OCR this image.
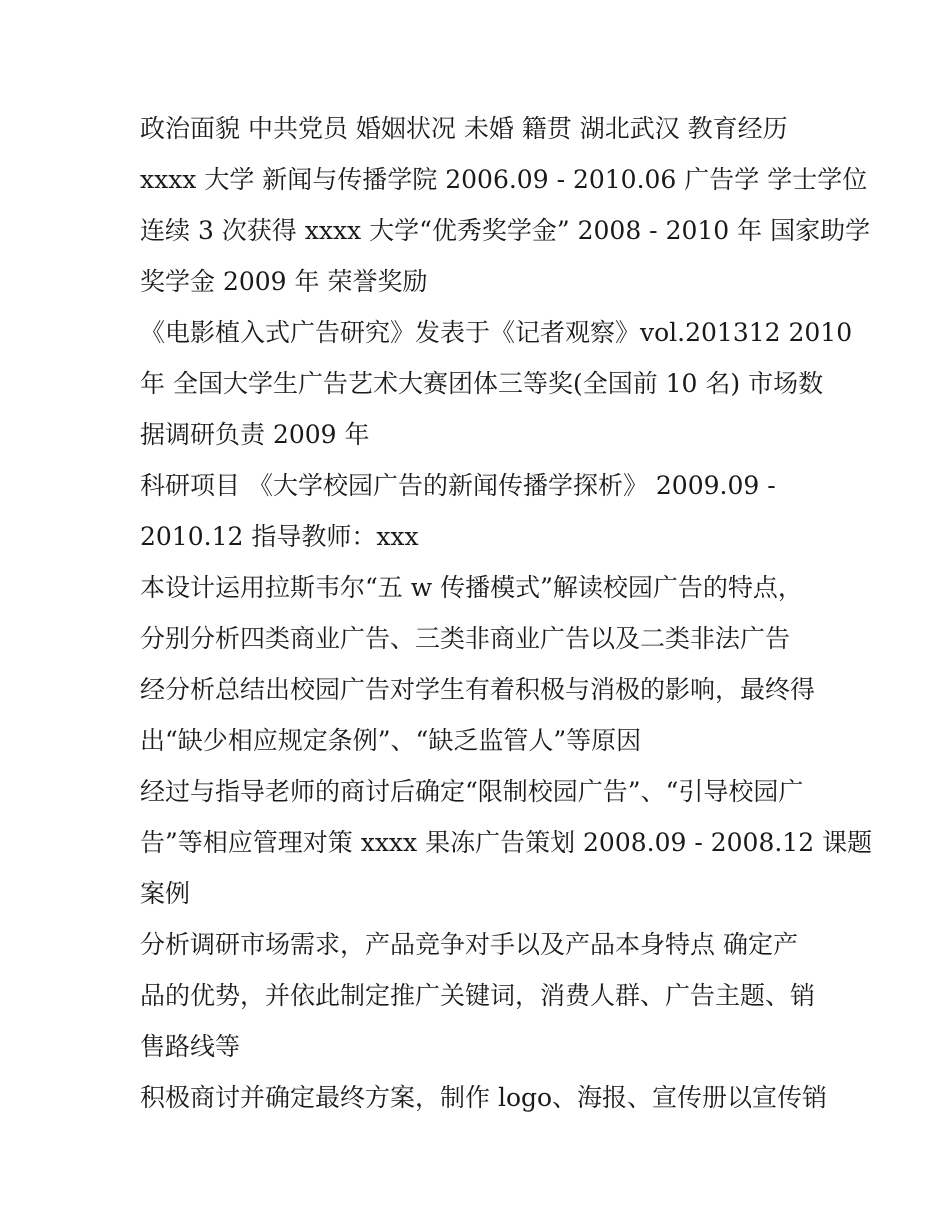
政治面貌 中共党员 婚姻状况 未婚 籍贯 湖北武汉 教育经历
xxxx 大学 新闻与传播学院 2006.09 - 2010.06 广告学 学士学位
连续 3 次获得 xxxx 大学“优秀奖学金” 2008 - 2010 年 国家助学
奖学金 2009 年 荣誉奖励
《电影植入式广告研究》发表于《记者观察》vol.201312 2010
年 全国大学生广告艺术大赛团体三等奖(全国前 10 名) 市场数
据调研负责 2009 年
科研项目 《大学校园广告的新闻传播学探析》 2009.09 -
2010.12 指导教师：xxx
本设计运用拉斯韦尔“五 w 传播模式”解读校园广告的特点，
分别分析四类商业广告、三类非商业广告以及二类非法广告
经分析总结出校园广告对学生有着积极与消极的影响，最终得
出“缺少相应规定条例”、“缺乏监管人”等原因
经过与指导老师的商讨后确定“限制校园广告”、“引导校园广
告”等相应管理对策 xxxx 果冻广告策划 2008.09 - 2008.12 课题
案例
分析调研市场需求，产品竞争对手以及产品本身特点 确定产
品的优势，并依此制定推广关键词，消费人群、广告主题、销
售路线等
积极商讨并确定最终方案，制作 logo、海报、宣传册以宣传销
